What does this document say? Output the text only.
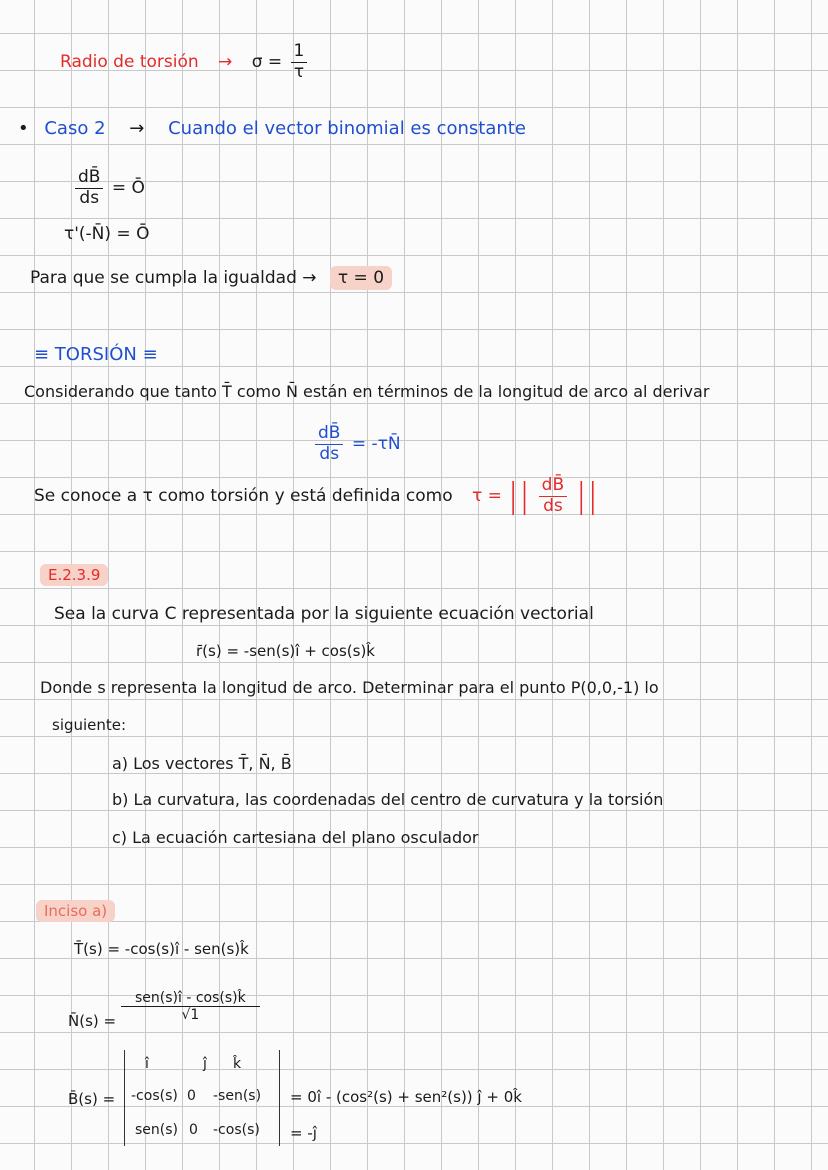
Radio de torsión → $\sigma = \frac{1}{\tau}$
• Caso 2 → Cuando el vector binomial es constante
$\frac{dB̄}{ds}$ = Ō
τ'(-N̄) = Ō
Para que se cumpla la igualdad → τ = 0
≡ TORSIÓN ≡
Considerando que tanto T̄ como N̄ están en términos de la longitud de arco al derivar
$\frac{dB̄}{ds}$ = -τN̄
Se conoce a τ como torsión y está definida como τ = || $\frac{dB̄}{ds}$ ||
E.2.3.9
Sea la curva C representada por la siguiente ecuación vectorial
r̄(s) = -sen(s)î + cos(s)k̂
Donde s representa la longitud de arco. Determinar para el punto P(0,0,-1) lo
siguiente:
a) Los vectores T̄, N̄, B̄
b) La curvatura, las coordenadas del centro de curvatura y la torsión
c) La ecuación cartesiana del plano osculador
Inciso a)
T̄(s) = -cos(s)î - sen(s)k̂
N̄(s) = $\frac{\text{sen(s)î - cos(s)k̂}}{√1}$
B̄(s) =
î	ĵ k̂
-cos(s) 0 -sen(s)
sen(s) 0 -cos(s)
= 0î - (cos²(s) + sen²(s)) ĵ + 0k̂
= -ĵ
